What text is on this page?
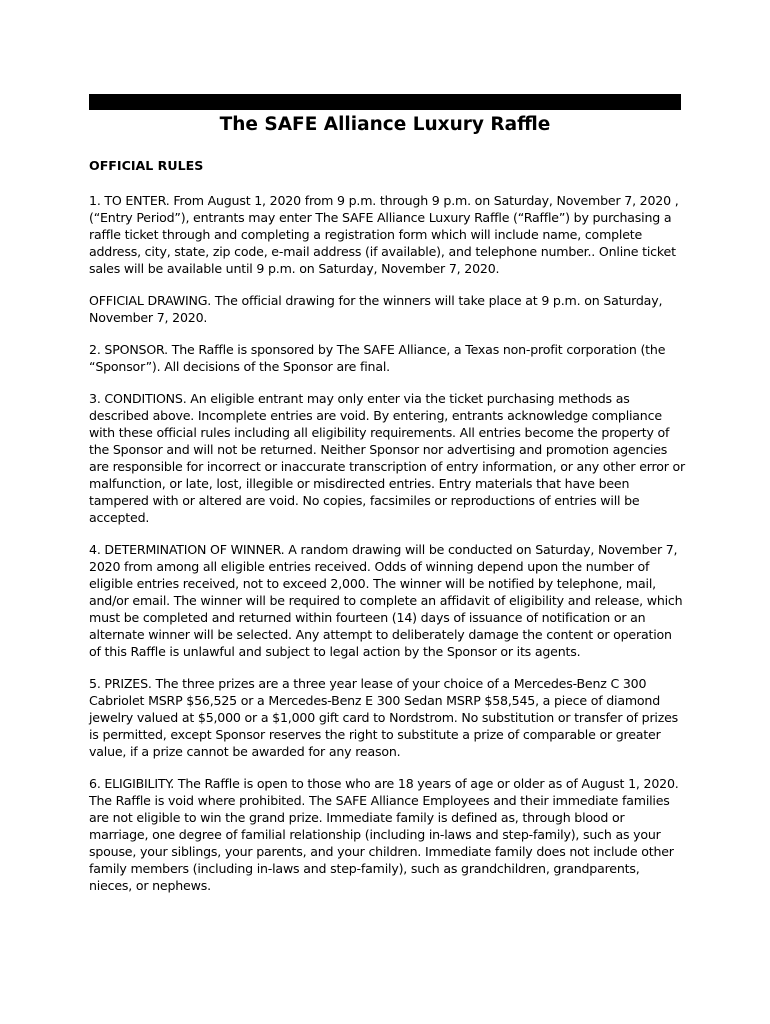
The SAFE Alliance Luxury Raffle
OFFICIAL RULES

1. TO ENTER. From August 1, 2020 from 9 p.m. through 9 p.m. on Saturday, November 7, 2020 , (“Entry Period”), entrants may enter The SAFE Alliance Luxury Raffle (“Raffle”) by purchasing a raffle ticket through and completing a registration form which will include name, complete address, city, state, zip code, e-mail address (if available), and telephone number.. Online ticket sales will be available until 9 p.m. on Saturday, November 7, 2020.

OFFICIAL DRAWING. The official drawing for the winners will take place at 9 p.m. on Saturday, November 7, 2020.

2. SPONSOR. The Raffle is sponsored by The SAFE Alliance, a Texas non-profit corporation (the “Sponsor”). All decisions of the Sponsor are final.

3. CONDITIONS. An eligible entrant may only enter via the ticket purchasing methods as described above. Incomplete entries are void. By entering, entrants acknowledge compliance with these official rules including all eligibility requirements. All entries become the property of the Sponsor and will not be returned. Neither Sponsor nor advertising and promotion agencies are responsible for incorrect or inaccurate transcription of entry information, or any other error or malfunction, or late, lost, illegible or misdirected entries. Entry materials that have been tampered with or altered are void. No copies, facsimiles or reproductions of entries will be accepted.

4. DETERMINATION OF WINNER. A random drawing will be conducted on Saturday, November 7, 2020 from among all eligible entries received. Odds of winning depend upon the number of eligible entries received, not to exceed 2,000. The winner will be notified by telephone, mail, and/or email. The winner will be required to complete an affidavit of eligibility and release, which must be completed and returned within fourteen (14) days of issuance of notification or an alternate winner will be selected. Any attempt to deliberately damage the content or operation of this Raffle is unlawful and subject to legal action by the Sponsor or its agents.

5. PRIZES. The three prizes are a three year lease of your choice of a Mercedes-Benz C 300 Cabriolet MSRP $56,525 or a Mercedes-Benz E 300 Sedan MSRP $58,545, a piece of diamond jewelry valued at $5,000 or a $1,000 gift card to Nordstrom. No substitution or transfer of prizes is permitted, except Sponsor reserves the right to substitute a prize of comparable or greater value, if a prize cannot be awarded for any reason.

6. ELIGIBILITY. The Raffle is open to those who are 18 years of age or older as of August 1, 2020. The Raffle is void where prohibited. The SAFE Alliance Employees and their immediate families are not eligible to win the grand prize. Immediate family is defined as, through blood or marriage, one degree of familial relationship (including in-laws and step-family), such as your spouse, your siblings, your parents, and your children. Immediate family does not include other family members (including in-laws and step-family), such as grandchildren, grandparents, nieces, or nephews.
